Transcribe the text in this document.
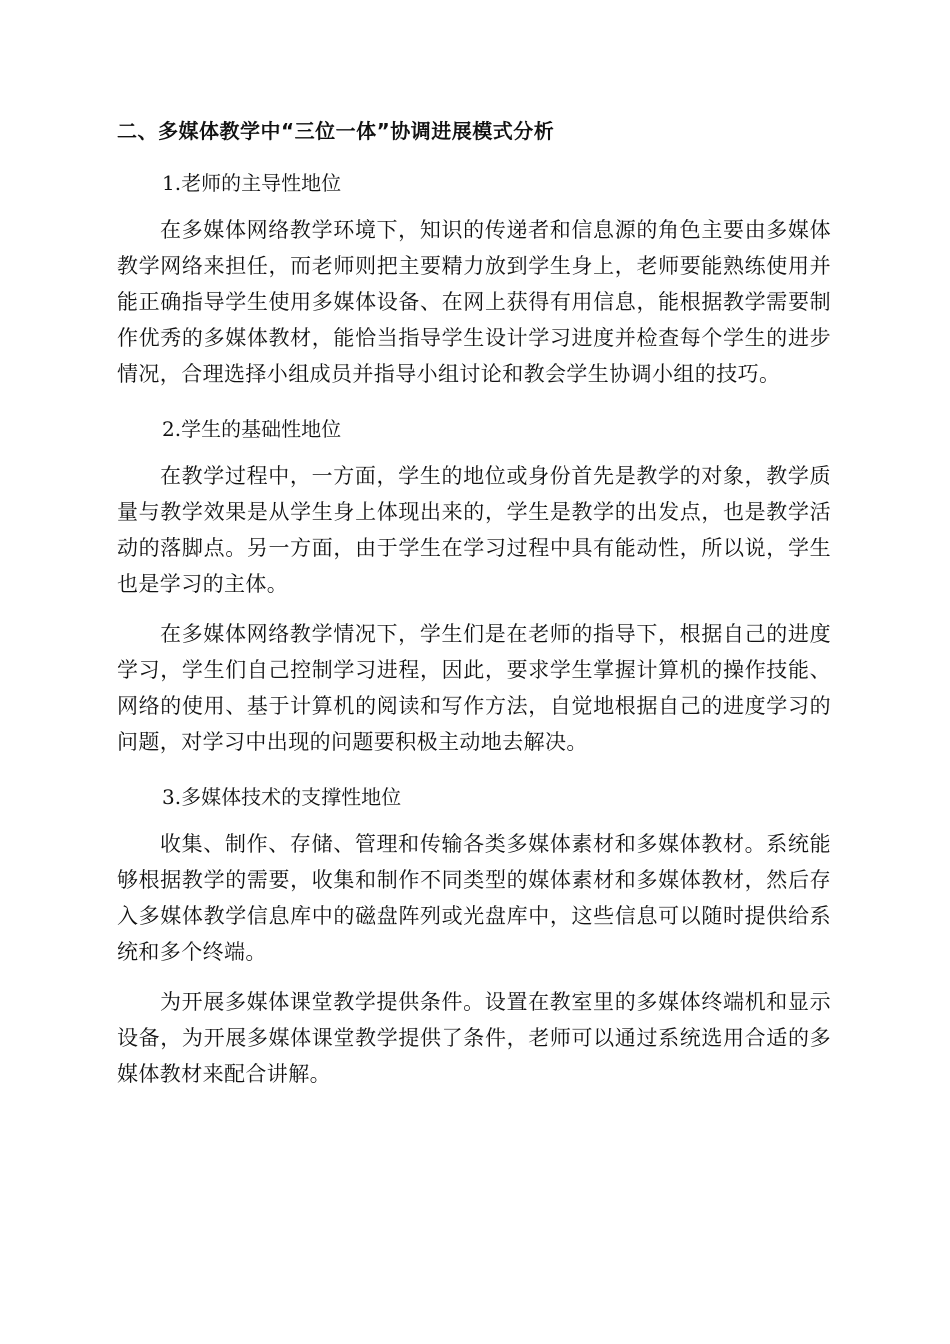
二、多媒体教学中“三位一体”协调进展模式分析

1.老师的主导性地位

在多媒体网络教学环境下，知识的传递者和信息源的角色主要由多媒体教学网络来担任，而老师则把主要精力放到学生身上，老师要能熟练使用并能正确指导学生使用多媒体设备、在网上获得有用信息，能根据教学需要制作优秀的多媒体教材，能恰当指导学生设计学习进度并检查每个学生的进步情况，合理选择小组成员并指导小组讨论和教会学生协调小组的技巧。

2.学生的基础性地位

在教学过程中，一方面，学生的地位或身份首先是教学的对象，教学质量与教学效果是从学生身上体现出来的，学生是教学的出发点，也是教学活动的落脚点。另一方面，由于学生在学习过程中具有能动性，所以说，学生也是学习的主体。

在多媒体网络教学情况下，学生们是在老师的指导下，根据自己的进度学习，学生们自己控制学习进程，因此，要求学生掌握计算机的操作技能、网络的使用、基于计算机的阅读和写作方法，自觉地根据自己的进度学习的问题，对学习中出现的问题要积极主动地去解决。

3.多媒体技术的支撑性地位

收集、制作、存储、管理和传输各类多媒体素材和多媒体教材。系统能够根据教学的需要，收集和制作不同类型的媒体素材和多媒体教材，然后存入多媒体教学信息库中的磁盘阵列或光盘库中，这些信息可以随时提供给系统和多个终端。

为开展多媒体课堂教学提供条件。设置在教室里的多媒体终端机和显示设备，为开展多媒体课堂教学提供了条件，老师可以通过系统选用合适的多媒体教材来配合讲解。
